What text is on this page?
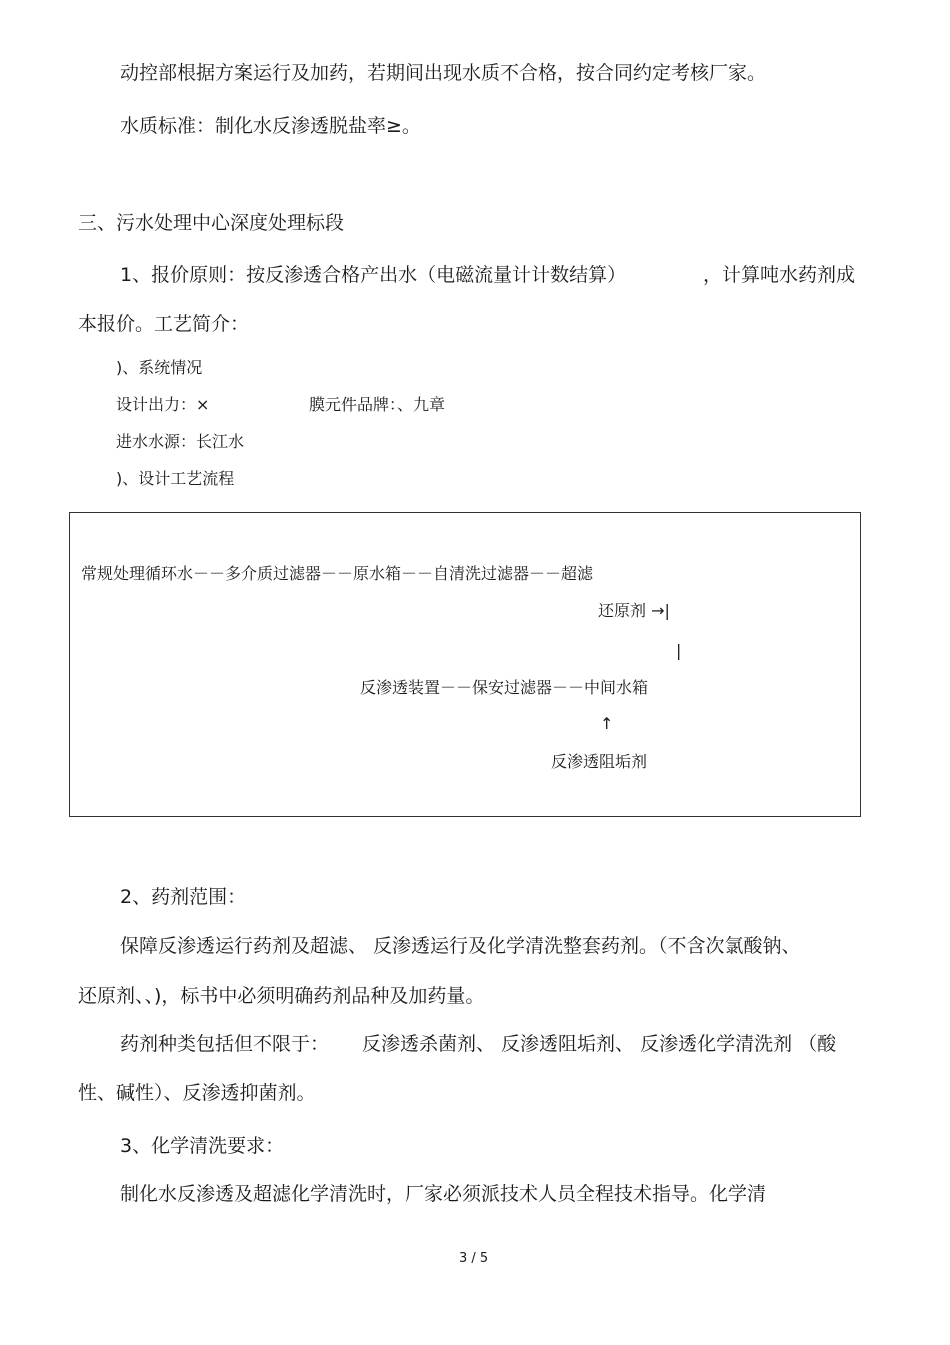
动控部根据方案运行及加药，若期间出现水质不合格，按合同约定考核厂家。
水质标准：制化水反渗透脱盐率≥。
三、污水处理中心深度处理标段
1、报价原则：按反渗透合格产出水（电磁流量计计数结算）	，计算吨水药剂成
本报价。工艺简介：
)、系统情况
设计出力：×	膜元件品牌：、九章
进水水源：长江水
)、设计工艺流程
常规处理循环水－－多介质过滤器－－原水箱－－自清洗过滤器－－超滤
还原剂 →|
|
反渗透装置－－保安过滤器－－中间水箱
↑
反渗透阻垢剂
2、药剂范围：
保障反渗透运行药剂及超滤、 反渗透运行及化学清洗整套药剂。（不含次氯酸钠、
还原剂、、)，标书中必须明确药剂品种及加药量。
药剂种类包括但不限于： 反渗透杀菌剂、 反渗透阻垢剂、 反渗透化学清洗剂 （酸
性、碱性）、反渗透抑菌剂。
3、化学清洗要求：
制化水反渗透及超滤化学清洗时，厂家必须派技术人员全程技术指导。化学清
3 / 5
